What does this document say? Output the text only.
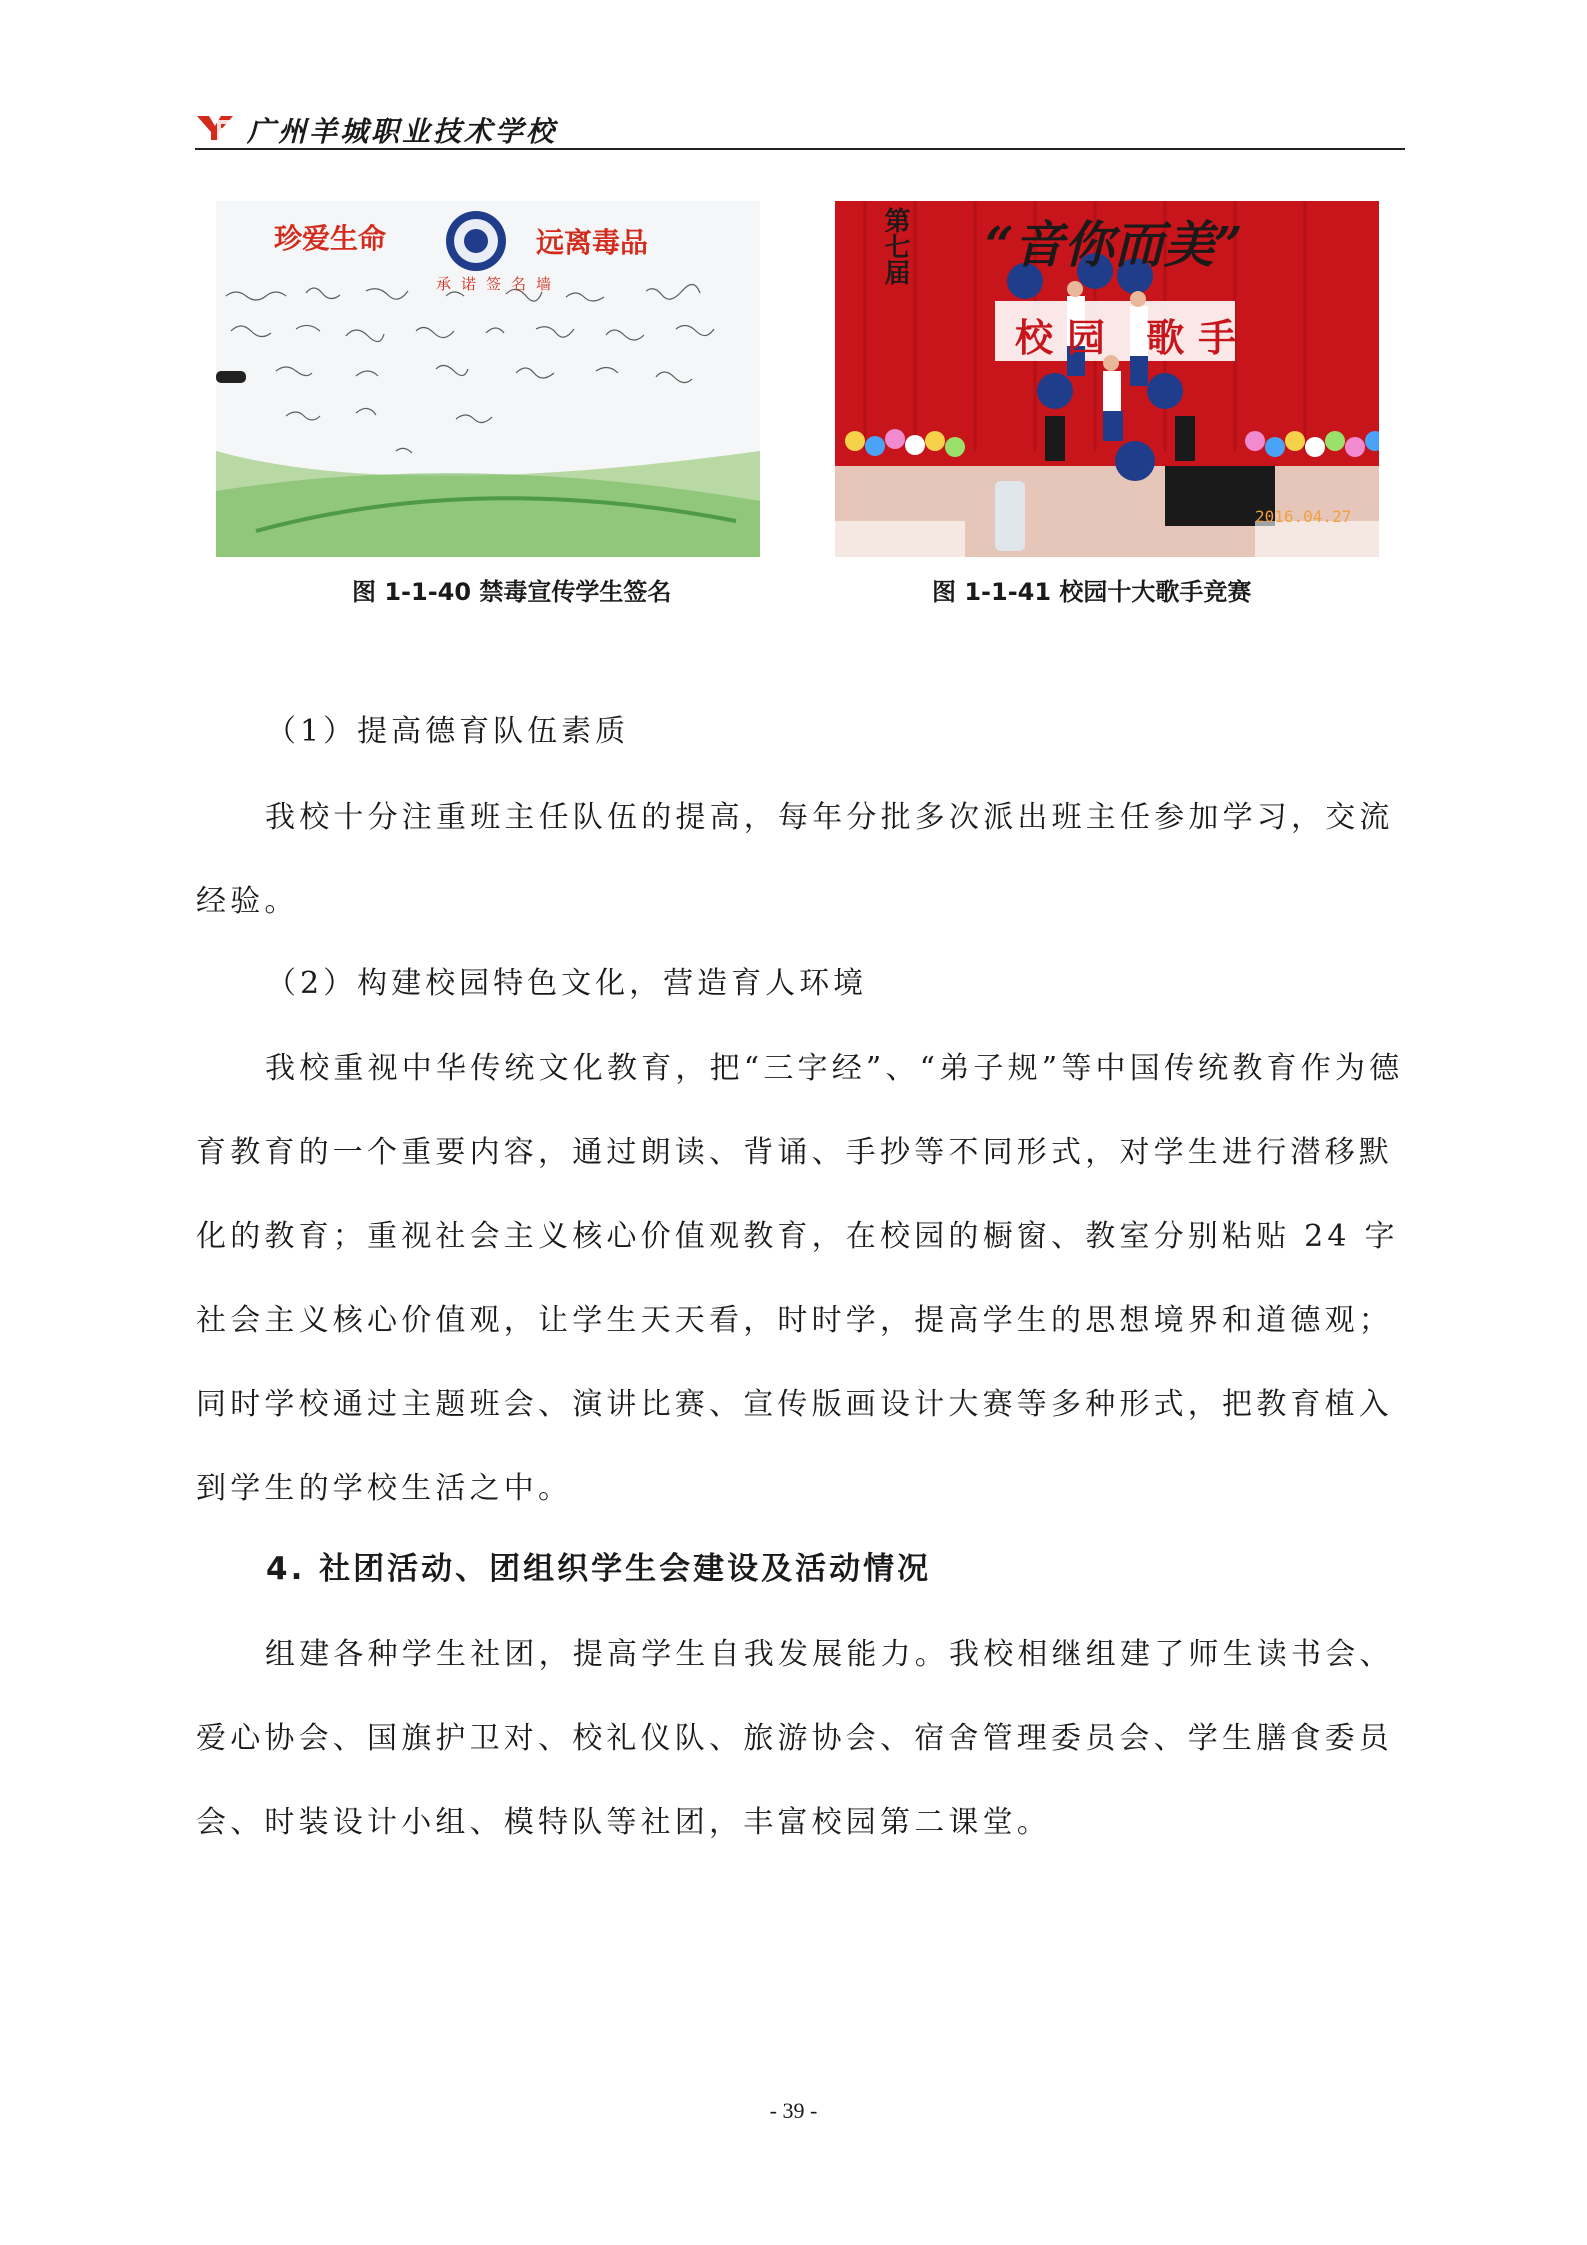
广州羊城职业技术学校
珍爱生命	远离毒品
承诺签名墙
图 1-1-40 禁毒宣传学生签名
第七届 “音你而美”
校园 歌手
2016.04.27
图 1-1-41 校园十大歌手竞赛

（1）提高德育队伍素质

我校十分注重班主任队伍的提高，每年分批多次派出班主任参加学习，交流经验。

（2）构建校园特色文化，营造育人环境

我校重视中华传统文化教育，把“三字经”、“弟子规”等中国传统教育作为德育教育的一个重要内容，通过朗读、背诵、手抄等不同形式，对学生进行潜移默化的教育；重视社会主义核心价值观教育，在校园的橱窗、教室分别粘贴 24 字社会主义核心价值观，让学生天天看，时时学，提高学生的思想境界和道德观；同时学校通过主题班会、演讲比赛、宣传版画设计大赛等多种形式，把教育植入到学生的学校生活之中。

4. 社团活动、团组织学生会建设及活动情况

组建各种学生社团，提高学生自我发展能力。我校相继组建了师生读书会、爱心协会、国旗护卫对、校礼仪队、旅游协会、宿舍管理委员会、学生膳食委员会、时装设计小组、模特队等社团，丰富校园第二课堂。

- 39 -
